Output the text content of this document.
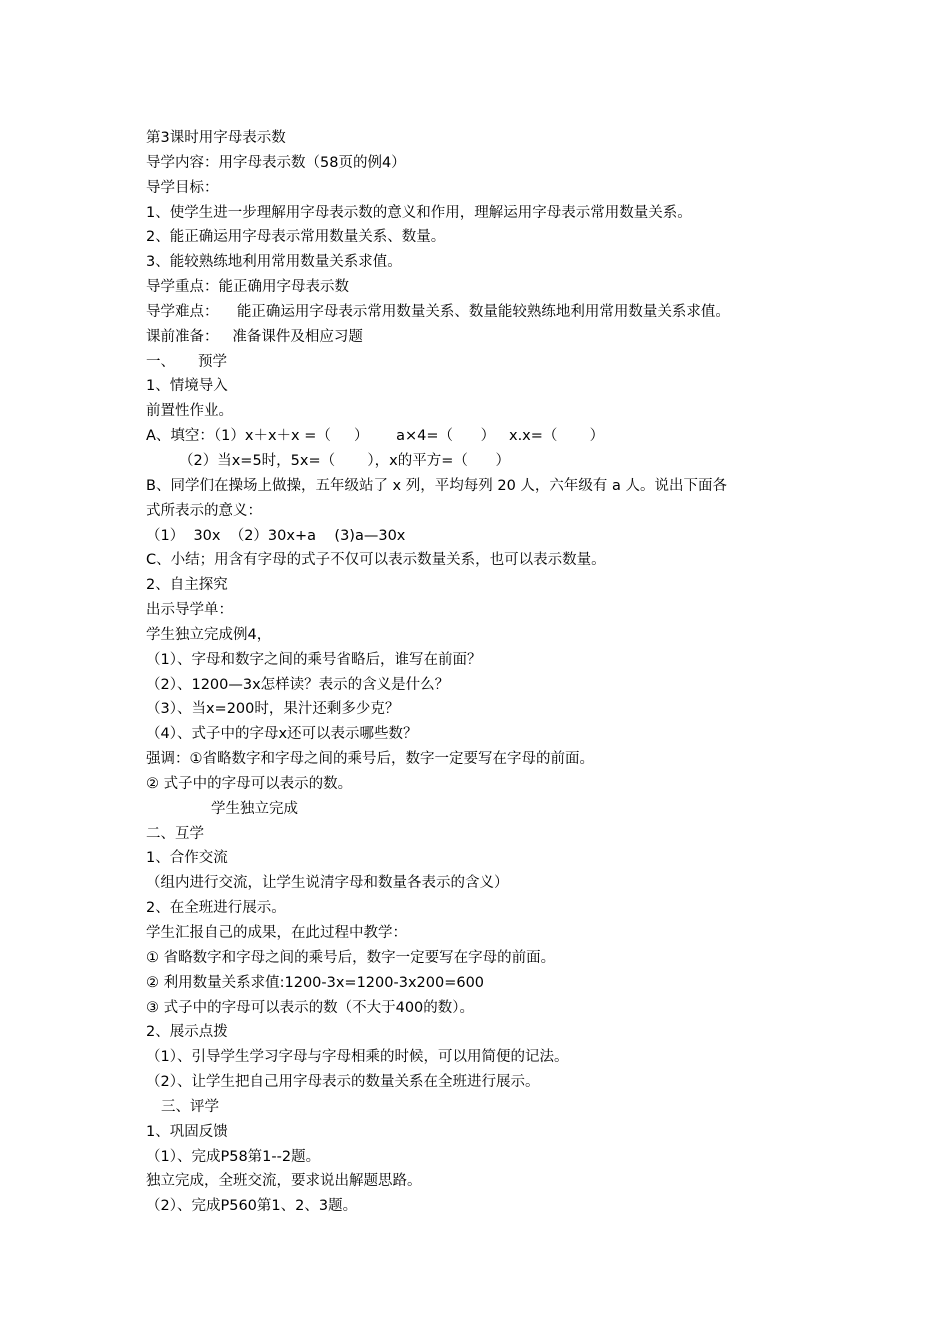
第3课时用字母表示数
导学内容：用字母表示数（58页的例4）
导学目标：
1、使学生进一步理解用字母表示数的意义和作用，理解运用字母表示常用数量关系。
2、能正确运用字母表示常用数量关系、数量。
3、能较熟练地利用常用数量关系求值。
导学重点：能正确用字母表示数
导学难点：    能正确运用字母表示常用数量关系、数量能较熟练地利用常用数量关系求值。
课前准备：   准备课件及相应习题
一、     预学
1、情境导入
前置性作业。
A、填空：（1）x＋x＋x =（     ）      a×4=（      ）   x.x=（       ）
（2）当x=5时，5x=（       ），x的平方=（      ）
B、同学们在操场上做操，五年级站了 x 列，平均每列 20 人，六年级有 a 人。说出下面各
式所表示的意义：
（1）  30x  （2）30x+a    (3)a—30x
C、小结；用含有字母的式子不仅可以表示数量关系，也可以表示数量。
2、自主探究
出示导学单：
学生独立完成例4，
（1）、字母和数字之间的乘号省略后，谁写在前面？
（2）、1200—3x怎样读？表示的含义是什么？
（3）、当x=200时，果汁还剩多少克？
（4）、式子中的字母x还可以表示哪些数？
强调：①省略数字和字母之间的乘号后，数字一定要写在字母的前面。
② 式子中的字母可以表示的数。
学生独立完成
二、互学
1、合作交流
（组内进行交流，让学生说清字母和数量各表示的含义）
2、在全班进行展示。
学生汇报自己的成果，在此过程中教学：
① 省略数字和字母之间的乘号后，数字一定要写在字母的前面。
② 利用数量关系求值:1200-3x=1200-3x200=600
③ 式子中的字母可以表示的数（不大于400的数）。
2、展示点拨
（1）、引导学生学习字母与字母相乘的时候，可以用简便的记法。
（2）、让学生把自己用字母表示的数量关系在全班进行展示。
三、评学
1、巩固反馈
（1）、完成P58第1--2题。
独立完成，全班交流，要求说出解题思路。
（2）、完成P560第1、2、3题。
